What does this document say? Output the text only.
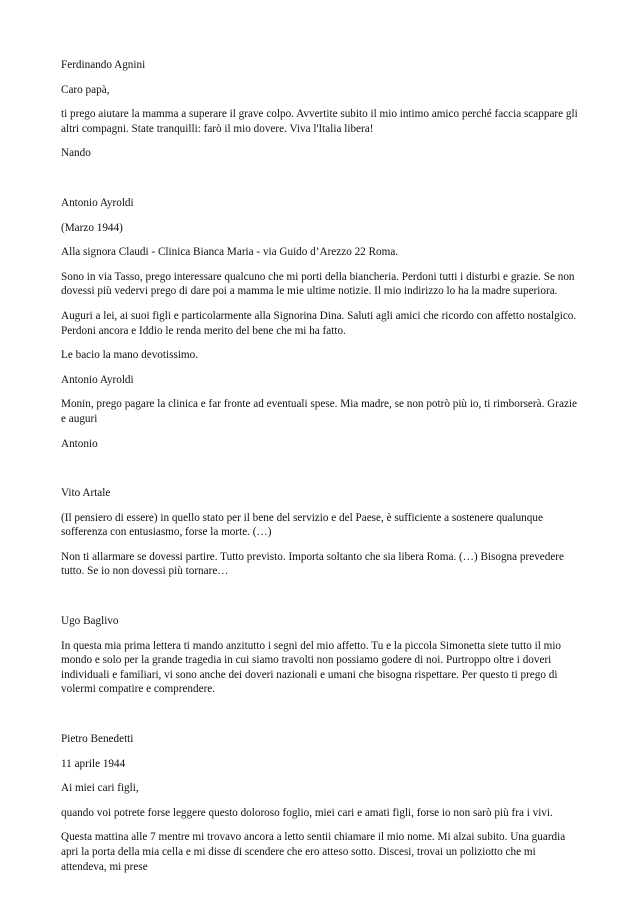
Ferdinando Agnini

Caro papà,

ti prego aiutare la mamma a superare il grave colpo. Avvertite subito il mio intimo amico perché faccia scappare gli altri compagni. State tranquilli: farò il mio dovere. Viva l'Italia libera!

Nando

Antonio Ayroldi

(Marzo 1944)

Alla signora Claudi - Clinica Bianca Maria - via Guido d’Arezzo 22 Roma.

Sono in via Tasso, prego interessare qualcuno che mi porti della biancheria. Perdoni tutti i disturbi e grazie. Se non dovessi più vedervi prego di dare poi a mamma le mie ultime notizie. Il mio indirizzo lo ha la madre superiora.

Auguri a lei, ai suoi figli e particolarmente alla Signorina Dina. Saluti agli amici che ricordo con affetto nostalgico. Perdoni ancora e Iddio le renda merito del bene che mi ha fatto.

Le bacio la mano devotissimo.

Antonio Ayroldi

Monin, prego pagare la clinica e far fronte ad eventuali spese. Mia madre, se non potrò più io, ti rimborserà. Grazie e auguri

Antonio

Vito Artale

(Il pensiero di essere) in quello stato per il bene del servizio e del Paese, è sufficiente a sostenere qualunque sofferenza con entusiasmo, forse la morte. (…)

Non ti allarmare se dovessi partire. Tutto previsto. Importa soltanto che sia libera Roma. (…) Bisogna prevedere tutto. Se io non dovessi più tornare…

Ugo Baglivo

In questa mia prima lettera ti mando anzitutto i segni del mio affetto. Tu e la piccola Simonetta siete tutto il mio mondo e solo per la grande tragedia in cui siamo travolti non possiamo godere di noi. Purtroppo oltre i doveri individuali e familiari, vi sono anche dei doveri nazionali e umani che bisogna rispettare. Per questo ti prego di volermi compatire e comprendere.

Pietro Benedetti

11 aprile 1944

Ai miei cari figli,

quando voi potrete forse leggere questo doloroso foglio, miei cari e amati figli, forse io non sarò più fra i vivi.

Questa mattina alle 7 mentre mi trovavo ancora a letto sentii chiamare il mio nome. Mi alzai subito. Una guardia apri la porta della mia cella e mi disse di scendere che ero atteso sotto. Discesi, trovai un poliziotto che mi attendeva, mi prese
